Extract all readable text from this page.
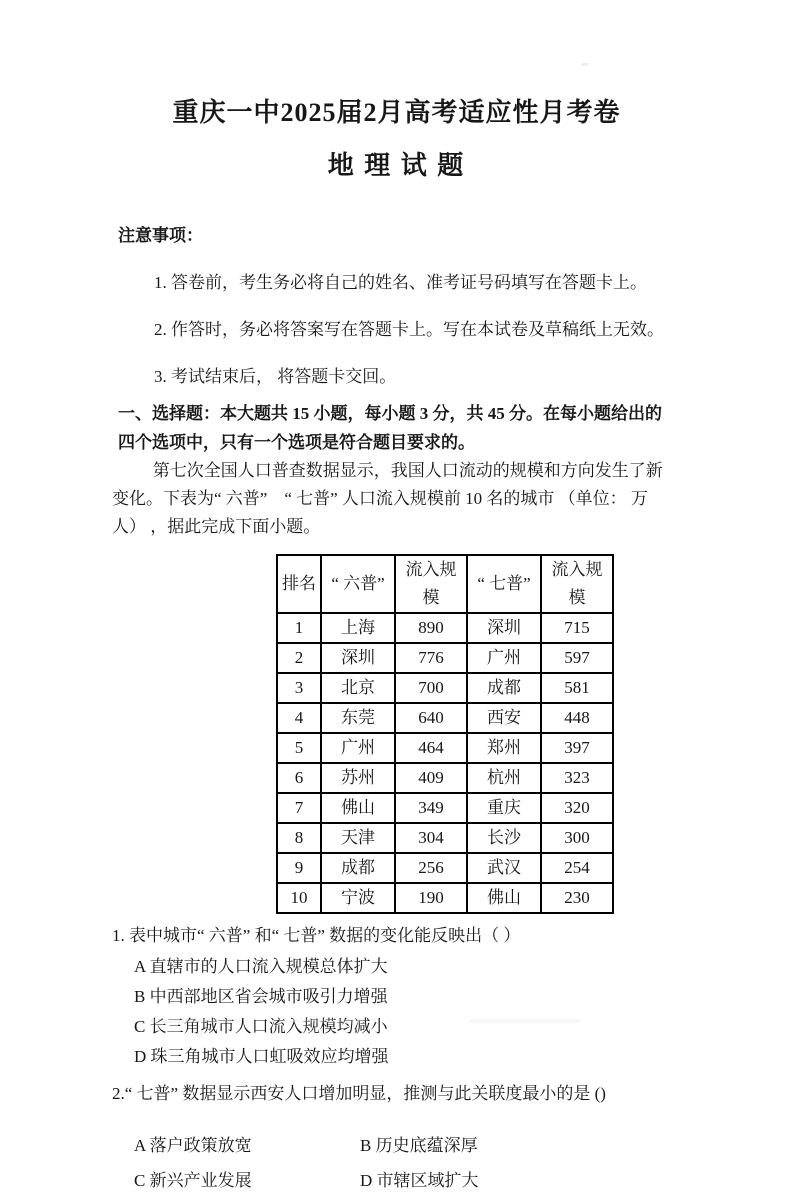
重庆一中2025届2月高考适应性月考卷
地 理 试 题

注意事项：

1. 答卷前，考生务必将自己的姓名、准考证号码填写在答题卡上。

2. 作答时，务必将答案写在答题卡上。写在本试卷及草稿纸上无效。

3. 考试结束后， 将答题卡交回。

一、选择题：本大题共 15 小题，每小题 3 分，共 45 分。在每小题给出的四个选项中，只有一个选项是符合题目要求的。

第七次全国人口普查数据显示，我国人口流动的规模和方向发生了新变化。下表为“ 六普”　“ 七普” 人口流入规模前 10 名的城市 （单位： 万人） ，据此完成下面小题。

排名	“ 六普”	流入规模	“ 七普”	流入规模
1	上海	890	深圳	715
2	深圳	776	广州	597
3	北京	700	成都	581
4	东莞	640	西安	448
5	广州	464	郑州	397
6	苏州	409	杭州	323
7	佛山	349	重庆	320
8	天津	304	长沙	300
9	成都	256	武汉	254
10	宁波	190	佛山	230

1. 表中城市“ 六普” 和“ 七普” 数据的变化能反映出（ ）

A 直辖市的人口流入规模总体扩大

B 中西部地区省会城市吸引力增强

C 长三角城市人口流入规模均减小

D 珠三角城市人口虹吸效应均增强

2.“ 七普” 数据显示西安人口增加明显，推测与此关联度最小的是 ()

A 落户政策放宽	B 历史底蕴深厚

C 新兴产业发展	D 市辖区域扩大
